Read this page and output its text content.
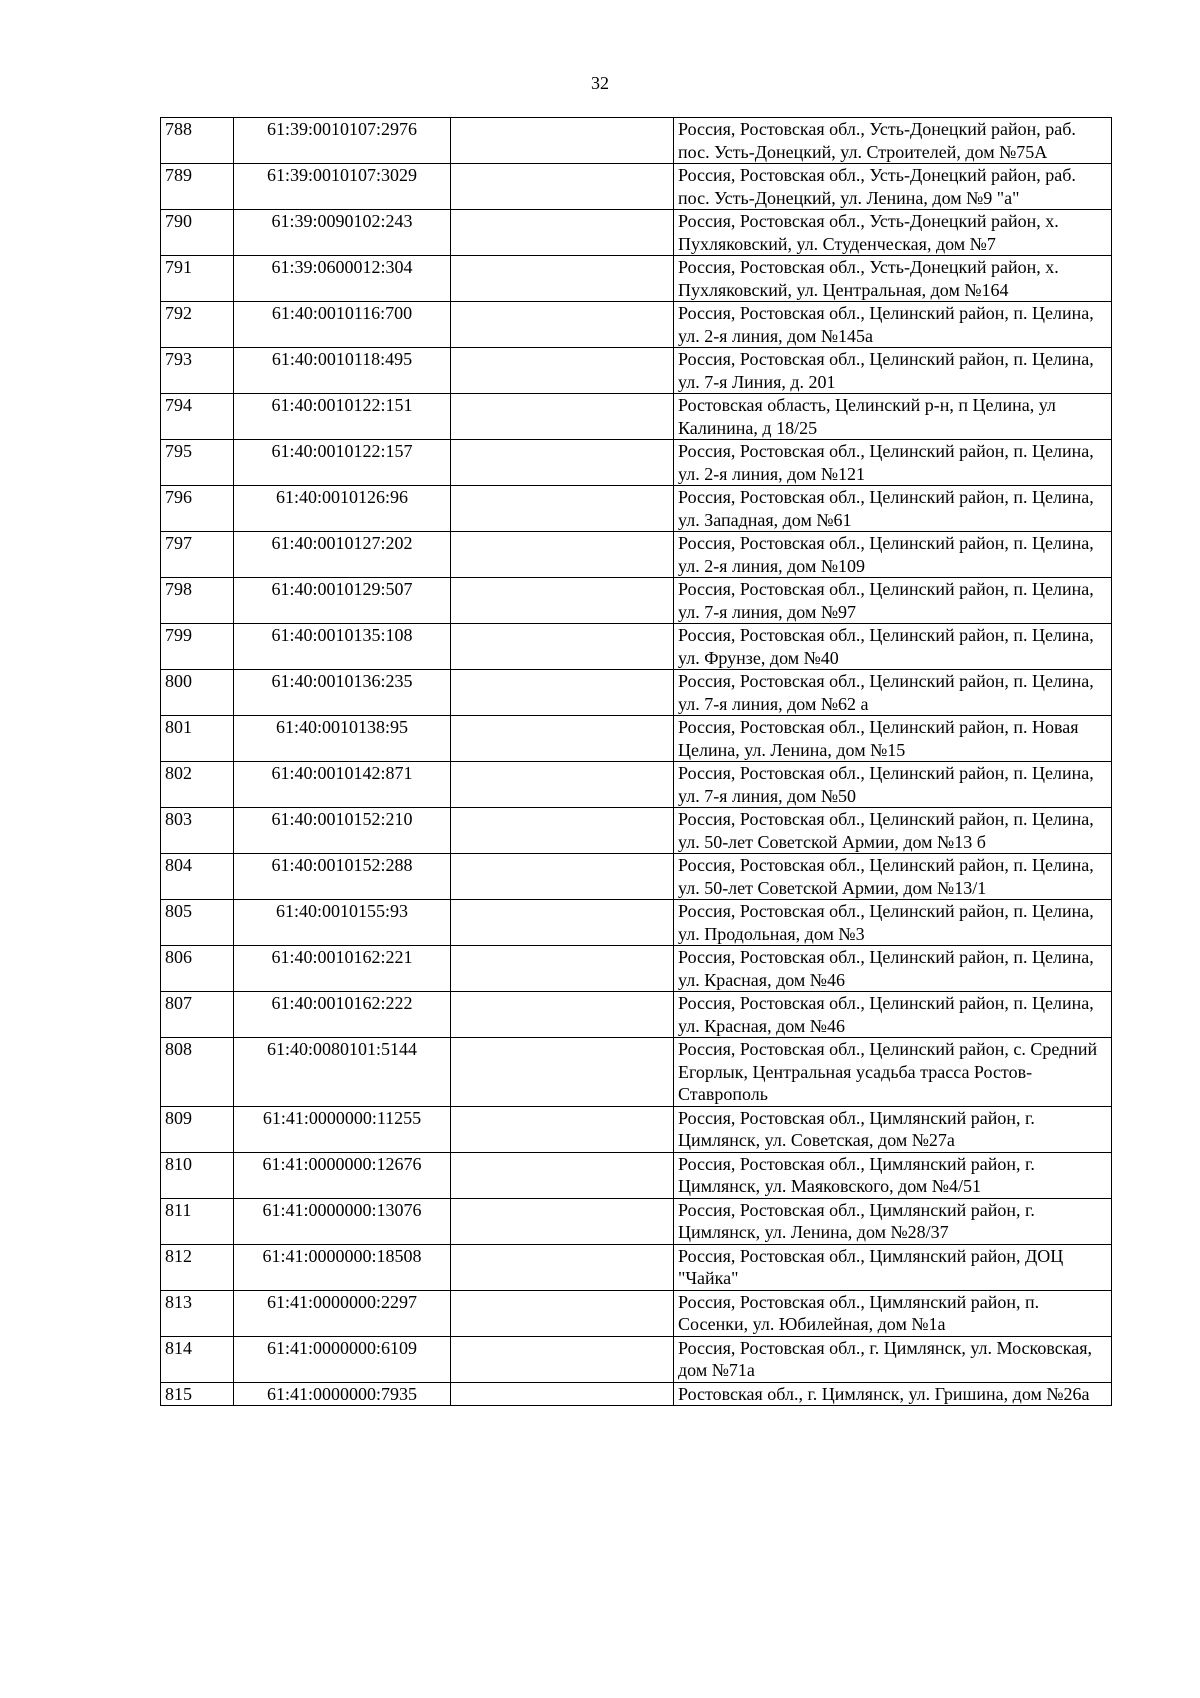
32
788	61:39:0010107:2976		Россия, Ростовская обл., Усть-Донецкий район, раб. пос. Усть-Донецкий, ул. Строителей, дом №75А
789	61:39:0010107:3029		Россия, Ростовская обл., Усть-Донецкий район, раб. пос. Усть-Донецкий, ул. Ленина, дом №9 "а"
790	61:39:0090102:243		Россия, Ростовская обл., Усть-Донецкий район, х. Пухляковский, ул. Студенческая, дом №7
791	61:39:0600012:304		Россия, Ростовская обл., Усть-Донецкий район, х. Пухляковский, ул. Центральная, дом №164
792	61:40:0010116:700		Россия, Ростовская обл., Целинский район, п. Целина, ул. 2-я линия, дом №145а
793	61:40:0010118:495		Россия, Ростовская обл., Целинский район, п. Целина, ул. 7-я Линия, д. 201
794	61:40:0010122:151		Ростовская область, Целинский р-н, п Целина, ул Калинина, д 18/25
795	61:40:0010122:157		Россия, Ростовская обл., Целинский район, п. Целина, ул. 2-я линия, дом №121
796	61:40:0010126:96		Россия, Ростовская обл., Целинский район, п. Целина, ул. Западная, дом №61
797	61:40:0010127:202		Россия, Ростовская обл., Целинский район, п. Целина, ул. 2-я линия, дом №109
798	61:40:0010129:507		Россия, Ростовская обл., Целинский район, п. Целина, ул. 7-я линия, дом №97
799	61:40:0010135:108		Россия, Ростовская обл., Целинский район, п. Целина, ул. Фрунзе, дом №40
800	61:40:0010136:235		Россия, Ростовская обл., Целинский район, п. Целина, ул. 7-я линия, дом №62 а
801	61:40:0010138:95		Россия, Ростовская обл., Целинский район, п. Новая Целина, ул. Ленина, дом №15
802	61:40:0010142:871		Россия, Ростовская обл., Целинский район, п. Целина, ул. 7-я линия, дом №50
803	61:40:0010152:210		Россия, Ростовская обл., Целинский район, п. Целина, ул. 50-лет Советской Армии, дом №13 б
804	61:40:0010152:288		Россия, Ростовская обл., Целинский район, п. Целина, ул. 50-лет Советской Армии, дом №13/1
805	61:40:0010155:93		Россия, Ростовская обл., Целинский район, п. Целина, ул. Продольная, дом №3
806	61:40:0010162:221		Россия, Ростовская обл., Целинский район, п. Целина, ул. Красная, дом №46
807	61:40:0010162:222		Россия, Ростовская обл., Целинский район, п. Целина, ул. Красная, дом №46
808	61:40:0080101:5144		Россия, Ростовская обл., Целинский район, с. Средний Егорлык, Центральная усадьба трасса Ростов-Ставрополь
809	61:41:0000000:11255		Россия, Ростовская обл., Цимлянский район, г. Цимлянск, ул. Советская, дом №27а
810	61:41:0000000:12676		Россия, Ростовская обл., Цимлянский район, г. Цимлянск, ул. Маяковского, дом №4/51
811	61:41:0000000:13076		Россия, Ростовская обл., Цимлянский район, г. Цимлянск, ул. Ленина, дом №28/37
812	61:41:0000000:18508		Россия, Ростовская обл., Цимлянский район, ДОЦ "Чайка"
813	61:41:0000000:2297		Россия, Ростовская обл., Цимлянский район, п. Сосенки, ул. Юбилейная, дом №1а
814	61:41:0000000:6109		Россия, Ростовская обл., г. Цимлянск, ул. Московская, дом №71а
815	61:41:0000000:7935		Ростовская обл., г. Цимлянск, ул. Гришина, дом №26а
